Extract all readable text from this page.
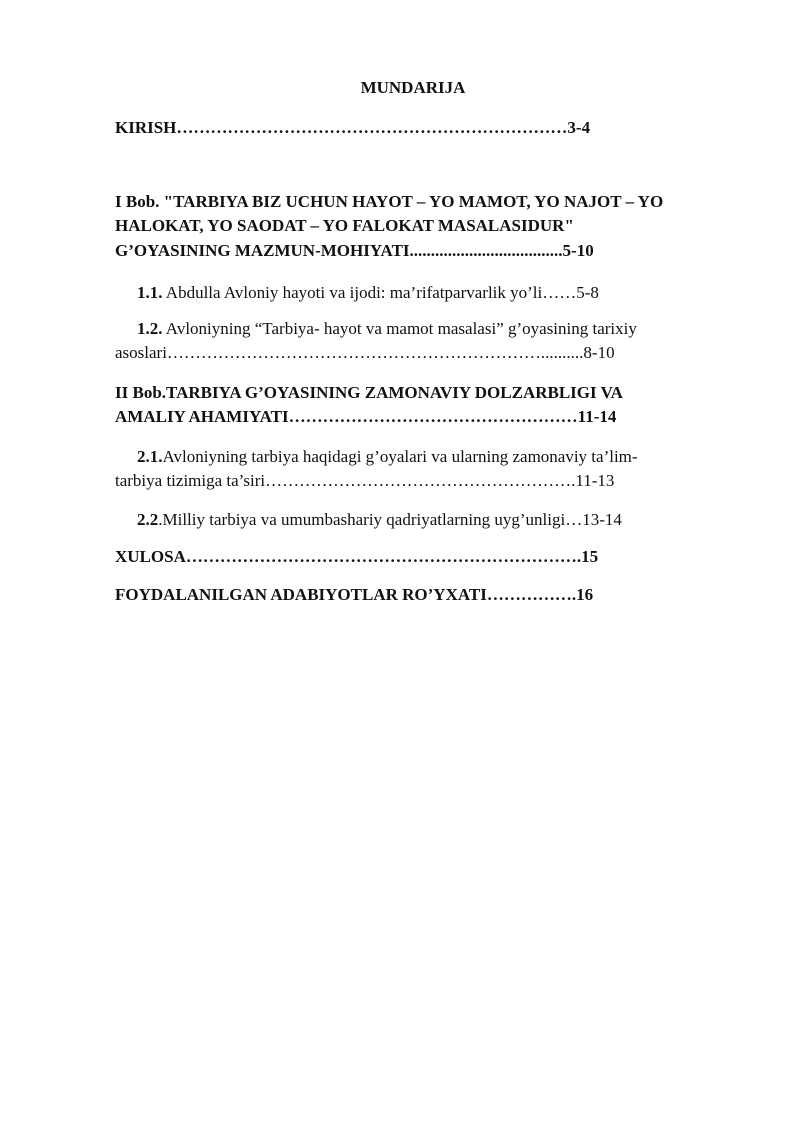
MUNDARIJA
KIRISH……………………………………………………………3-4
I Bob. "TARBIYA BIZ UCHUN HAYOT – YO MAMOT, YO NAJOT – YO
HALOKAT, YO SAODAT – YO FALOKAT MASALASIDUR"
G’OYASINING MAZMUN-MOHIYATI....................................5-10
1.1. Abdulla Avloniy hayoti va ijodi: ma’rifatparvarlik yo’li……5-8
1.2. Avloniyning “Tarbiya- hayot va mamot masalasi” g’oyasining tarixiy
asoslari…………………………………………………………..........8-10
II Bob.TARBIYA G’OYASINING ZAMONAVIY DOLZARBLIGI VA
AMALIY AHAMIYATI……………………………………………11-14
2.1.Avloniyning tarbiya haqidagi g’oyalari va ularning zamonaviy ta’lim-
tarbiya tizimiga ta’siri……………………………………………….11-13
2.2.Milliy tarbiya va umumbashariy qadriyatlarning uyg’unligi…13-14
XULOSA…………………………………………………………….15
FOYDALANILGAN ADABIYOTLAR RO’YXATI…………….16
